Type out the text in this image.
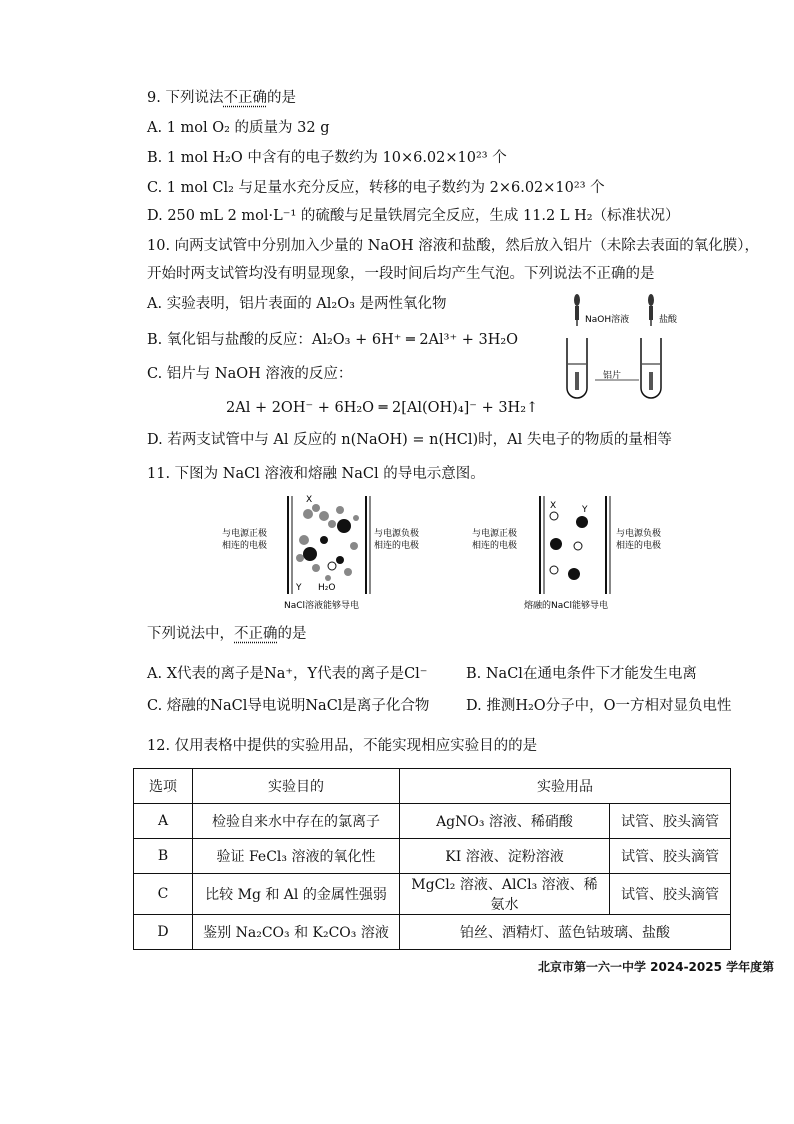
9. 下列说法不正确的是
A. 1 mol O₂ 的质量为 32 g
B. 1 mol H₂O 中含有的电子数约为 10×6.02×10²³ 个
C. 1 mol Cl₂ 与足量水充分反应，转移的电子数约为 2×6.02×10²³ 个
D. 250 mL 2 mol·L⁻¹ 的硫酸与足量铁屑完全反应，生成 11.2 L H₂（标准状况）
10. 向两支试管中分别加入少量的 NaOH 溶液和盐酸，然后放入铝片（未除去表面的氧化膜），
开始时两支试管均没有明显现象，一段时间后均产生气泡。下列说法不正确的是
A. 实验表明，铝片表面的 Al₂O₃ 是两性氧化物
B. 氧化铝与盐酸的反应：Al₂O₃ + 6H⁺ ═ 2Al³⁺ + 3H₂O
C. 铝片与 NaOH 溶液的反应：
2Al + 2OH⁻ + 6H₂O ═ 2[Al(OH)₄]⁻ + 3H₂↑
D. 若两支试管中与 Al 反应的 n(NaOH) = n(HCl)时，Al 失电子的物质的量相等
NaOH溶液	盐酸
铝片
11. 下图为 NaCl 溶液和熔融 NaCl 的导电示意图。
与电源正极
相连的电极
与电源负极
相连的电极
X
Y H₂O
NaCl溶液能够导电
与电源正极
相连的电极
与电源负极
相连的电极
X	Y
熔融的NaCl能够导电
下列说法中，不正确的是
A. X代表的离子是Na⁺，Y代表的离子是Cl⁻	B. NaCl在通电条件下才能发生电离
C. 熔融的NaCl导电说明NaCl是离子化合物	D. 推测H₂O分子中，O一方相对显负电性
12. 仅用表格中提供的实验用品，不能实现相应实验目的的是
选项	实验目的	实验用品	
A	检验自来水中存在的氯离子	AgNO₃ 溶液、稀硝酸	试管、胶头滴管
B	验证 FeCl₃ 溶液的氧化性	KI 溶液、淀粉溶液	试管、胶头滴管
C	比较 Mg 和 Al 的金属性强弱	MgCl₂ 溶液、AlCl₃ 溶液、稀氨水	试管、胶头滴管
D	鉴别 Na₂CO₃ 和 K₂CO₃ 溶液	铂丝、酒精灯、蓝色钴玻璃、盐酸	
北京市第一六一中学 2024-2025 学年度第
